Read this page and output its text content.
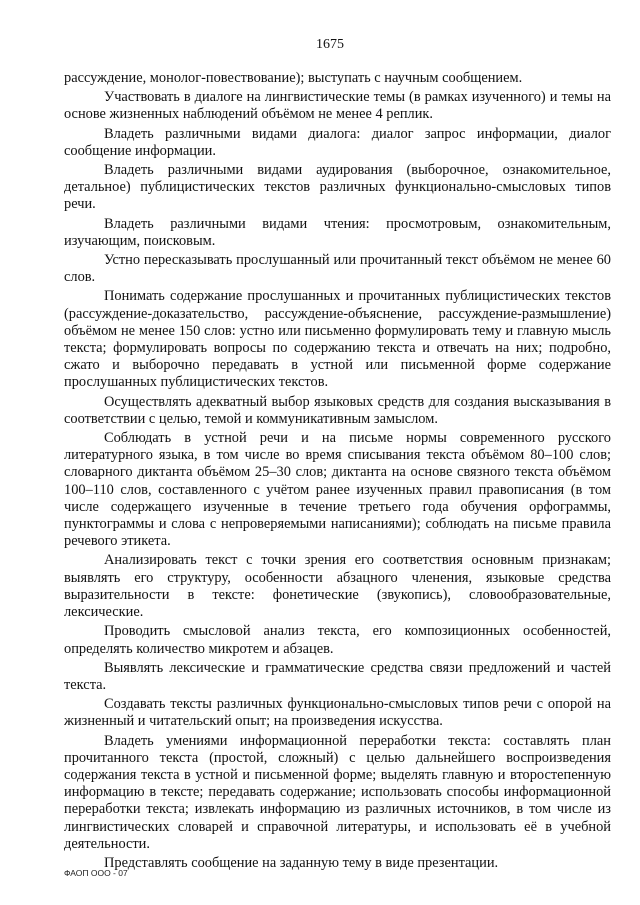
1675

рассуждение, монолог-повествование); выступать с научным сообщением.

Участвовать в диалоге на лингвистические темы (в рамках изученного) и темы на основе жизненных наблюдений объёмом не менее 4 реплик.

Владеть различными видами диалога: диалог запрос информации, диалог сообщение информации.

Владеть различными видами аудирования (выборочное, ознакомительное, детальное) публицистических текстов различных функционально-смысловых типов речи.

Владеть различными видами чтения: просмотровым, ознакомительным, изучающим, поисковым.

Устно пересказывать прослушанный или прочитанный текст объёмом не менее 60 слов.

Понимать содержание прослушанных и прочитанных публицистических текстов (рассуждение-доказательство, рассуждение-объяснение, рассуждение-размышление) объёмом не менее 150 слов: устно или письменно формулировать тему и главную мысль текста; формулировать вопросы по содержанию текста и отвечать на них; подробно, сжато и выборочно передавать в устной или письменной форме содержание прослушанных публицистических текстов.

Осуществлять адекватный выбор языковых средств для создания высказывания в соответствии с целью, темой и коммуникативным замыслом.

Соблюдать в устной речи и на письме нормы современного русского литературного языка, в том числе во время списывания текста объёмом 80–100 слов; словарного диктанта объёмом 25–30 слов; диктанта на основе связного текста объёмом 100–110 слов, составленного с учётом ранее изученных правил правописания (в том числе содержащего изученные в течение третьего года обучения орфограммы, пунктограммы и слова с непроверяемыми написаниями); соблюдать на письме правила речевого этикета.

Анализировать текст с точки зрения его соответствия основным признакам; выявлять его структуру, особенности абзацного членения, языковые средства выразительности в тексте: фонетические (звукопись), словообразовательные, лексические.

Проводить смысловой анализ текста, его композиционных особенностей, определять количество микротем и абзацев.

Выявлять лексические и грамматические средства связи предложений и частей текста.

Создавать тексты различных функционально-смысловых типов речи с опорой на жизненный и читательский опыт; на произведения искусства.

Владеть умениями информационной переработки текста: составлять план прочитанного текста (простой, сложный) с целью дальнейшего воспроизведения содержания текста в устной и письменной форме; выделять главную и второстепенную информацию в тексте; передавать содержание; использовать способы информационной переработки текста; извлекать информацию из различных источников, в том числе из лингвистических словарей и справочной литературы, и использовать её в учебной деятельности.

Представлять сообщение на заданную тему в виде презентации.

ФАОП ООО - 07
